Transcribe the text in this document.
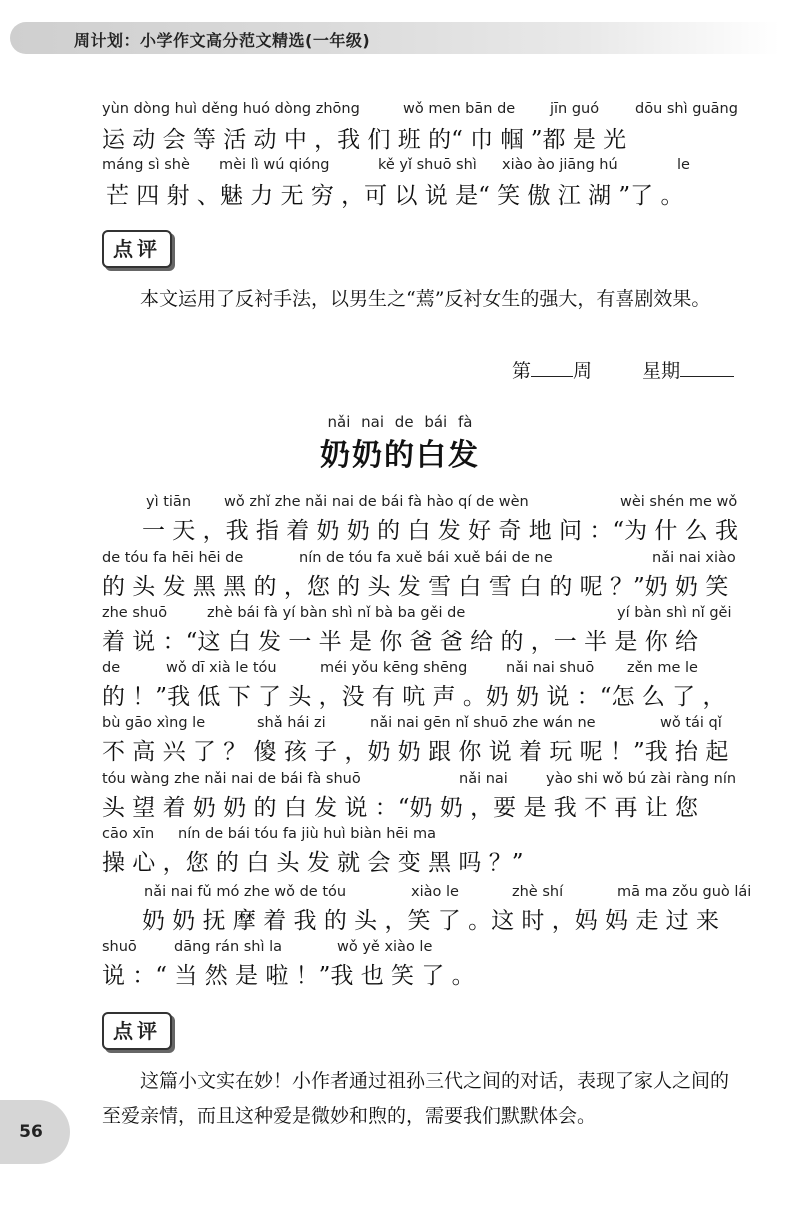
周计划：小学作文高分范文精选(一年级)
yùn dòng huì děng huó dòng zhōng	wǒ men bān de jīn guó dōu shì guāng
运 动 会 等 活 动 中 ，我 们 班 的“ 巾 帼 ”都 是 光
máng sì shè mèi lì wú qióng	kě yǐ shuō shì xiào ào jiāng hú	le
芒 四 射 、魅 力 无 穷 ，可 以 说 是“ 笑 傲 江 湖 ”了 。
点评
本文运用了反衬手法，以男生之“蔫”反衬女生的强大，有喜剧效果。
第 周	星期
nǎi nai de bái fà
奶奶的白发
yì tiān wǒ zhǐ zhe nǎi nai de bái fà hào qí de wèn	wèi shén me wǒ
一 天 ，我 指 着 奶 奶 的 白 发 好 奇 地 问 ：“为 什 么 我
de tóu fa hēi hēi de	nín de tóu fa xuě bái xuě bái de ne	nǎi nai xiào
的 头 发 黑 黑 的 ，您 的 头 发 雪 白 雪 白 的 呢 ？”奶 奶 笑
zhe shuō	zhè bái fà yí bàn shì nǐ bà ba gěi de	yí bàn shì nǐ gěi
着 说 ：“这 白 发 一 半 是 你 爸 爸 给 的 ，一 半 是 你 给
de	wǒ dī xià le tóu	méi yǒu kēng shēng	nǎi nai shuō zěn me le
的 ！”我 低 下 了 头 ，没 有 吭 声 。奶 奶 说 ：“怎 么 了 ，
bù gāo xìng le	shǎ hái zi	nǎi nai gēn nǐ shuō zhe wán ne	wǒ tái qǐ
不 高 兴 了 ？ 傻 孩 子 ，奶 奶 跟 你 说 着 玩 呢 ！”我 抬 起
tóu wàng zhe nǎi nai de bái fà shuō	nǎi nai	yào shi wǒ bú zài ràng nín
头 望 着 奶 奶 的 白 发 说 ：“奶 奶 ，要 是 我 不 再 让 您
cāo xīn nín de bái tóu fa jiù huì biàn hēi ma
操 心 ，您 的 白 头 发 就 会 变 黑 吗 ？”
nǎi nai fǔ mó zhe wǒ de tóu	xiào le	zhè shí	mā ma zǒu guò lái
奶 奶 抚 摩 着 我 的 头 ，笑 了 。这 时 ，妈 妈 走 过 来
shuō	dāng rán shì la	wǒ yě xiào le
说 ：“ 当 然 是 啦 ！”我 也 笑 了 。
点评
这篇小文实在妙！小作者通过祖孙三代之间的对话，表现了家人之间的
至爱亲情，而且这种爱是微妙和煦的，需要我们默默体会。
56
